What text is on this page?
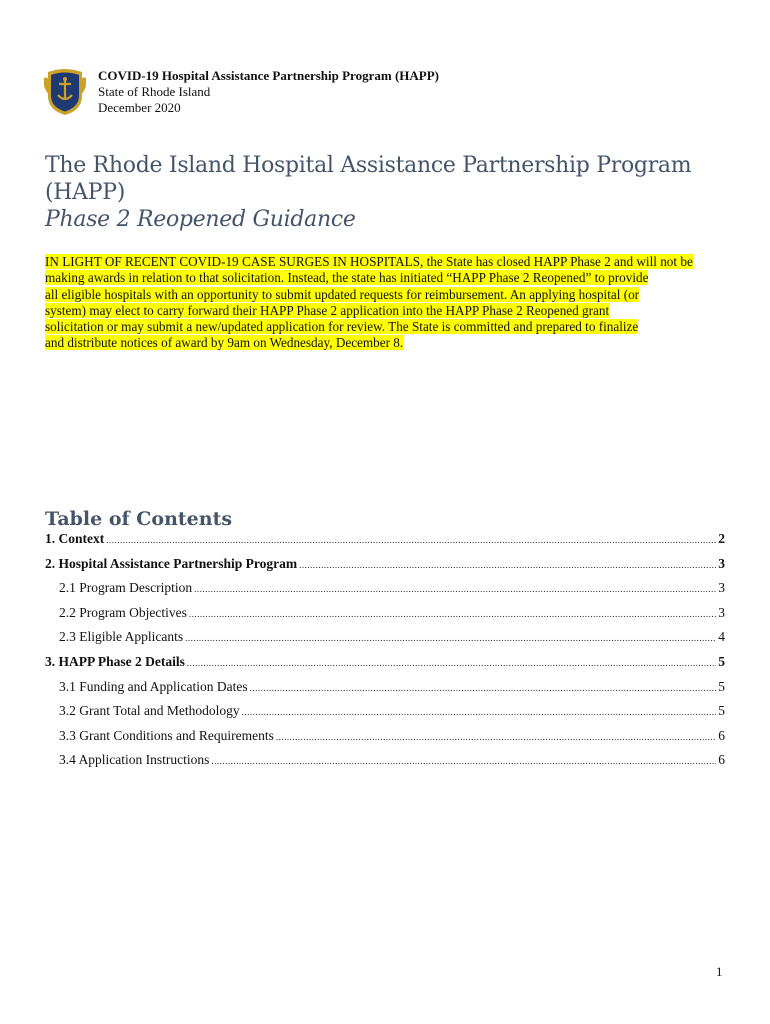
COVID-19 Hospital Assistance Partnership Program (HAPP)
State of Rhode Island
December 2020
The Rhode Island Hospital Assistance Partnership Program (HAPP)
Phase 2 Reopened Guidance
IN LIGHT OF RECENT COVID-19 CASE SURGES IN HOSPITALS, the State has closed HAPP Phase 2 and will not be
making awards in relation to that solicitation. Instead, the state has initiated “HAPP Phase 2 Reopened” to provide
all eligible hospitals with an opportunity to submit updated requests for reimbursement. An applying hospital (or
system) may elect to carry forward their HAPP Phase 2 application into the HAPP Phase 2 Reopened grant
solicitation or may submit a new/updated application for review. The State is committed and prepared to finalize
and distribute notices of award by 9am on Wednesday, December 8.
Table of Contents
1. Context .....	2
2. Hospital Assistance Partnership Program .....	3
2.1 Program Description .....	3
2.2 Program Objectives .....	3
2.3 Eligible Applicants .....	4
3. HAPP Phase 2 Details .....	5
3.1 Funding and Application Dates .....	5
3.2 Grant Total and Methodology .....	5
3.3 Grant Conditions and Requirements .....	6
3.4 Application Instructions .....	6
1
